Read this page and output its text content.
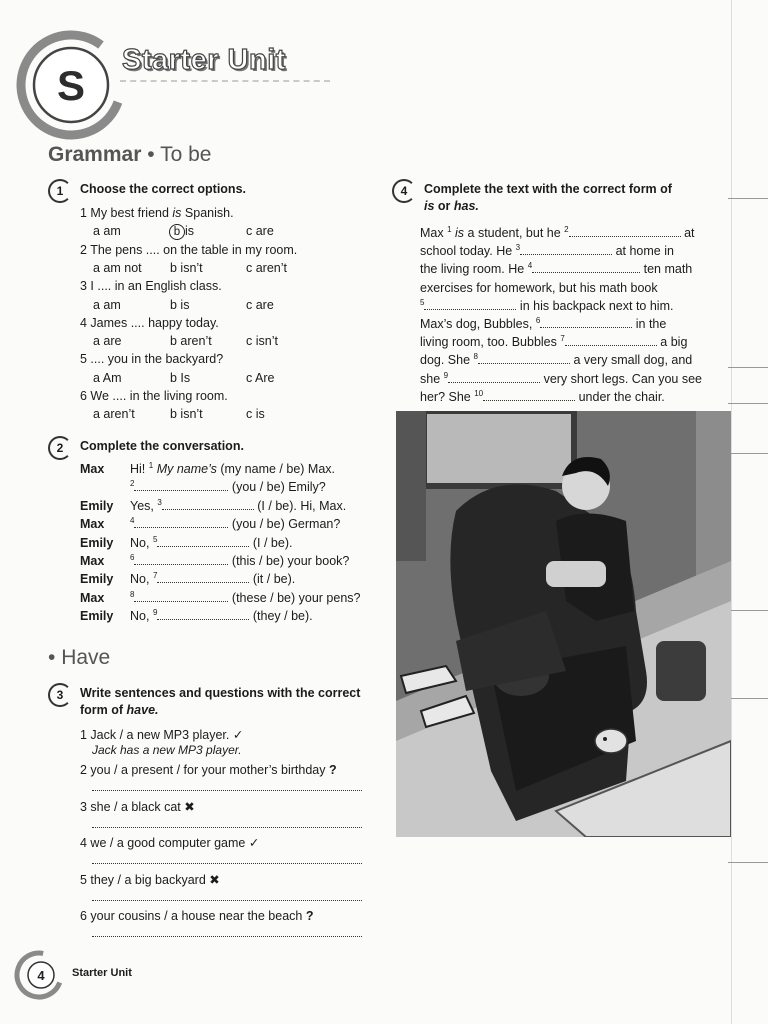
S
Starter Unit
Grammar • To be
1	Choose the correct options.
1 My best friend is Spanish.
a am	b is	c are
2 The pens .... on the table in my room.
a am not b isn’t	c aren’t
3 I .... in an English class.
a am	b is	c are
4 James .... happy today.
a are	b aren’t	c isn’t
5 .... you in the backyard?
a Am	b Is	c Are
6 We .... in the living room.
a aren’t	b isn’t	c is
2	Complete the conversation.
Max Hi! $^1$ My name’s (my name / be) Max.
$^2$	(you / be) Emily?
Emily Yes, $^3$	(I / be). Hi, Max.
Max	$^4$	(you / be) German?
Emily No, $^5$	(I / be).
Max	$^6$	(this / be) your book?
Emily No, $^7$	(it / be).
Max	$^8$	(these / be) your pens?
Emily No, $^9$	(they / be).
• Have
3	Write sentences and questions with the correct
form of have.
1 Jack / a new MP3 player. ✓
Jack has a new MP3 player.
2 you / a present / for your mother’s birthday ?
3 she / a black cat ✖
4 we / a good computer game ✓
5 they / a big backyard ✖
6 your cousins / a house near the beach ?
4	Complete the text with the correct form of
is or has.
Max $^1$ is a student, but he $^2$	at
school today. He $^3$	at home in
the living room. He $^4$	ten math
exercises for homework, but his math book
$^5$	in his backpack next to him.
Max’s dog, Bubbles, $^6$	in the
living room, too. Bubbles $^7$	a big
dog. She $^8$	a very small dog, and
she $^9$	very short legs. Can you see
her? She $^{10}$	under the chair.
4 Starter Unit
